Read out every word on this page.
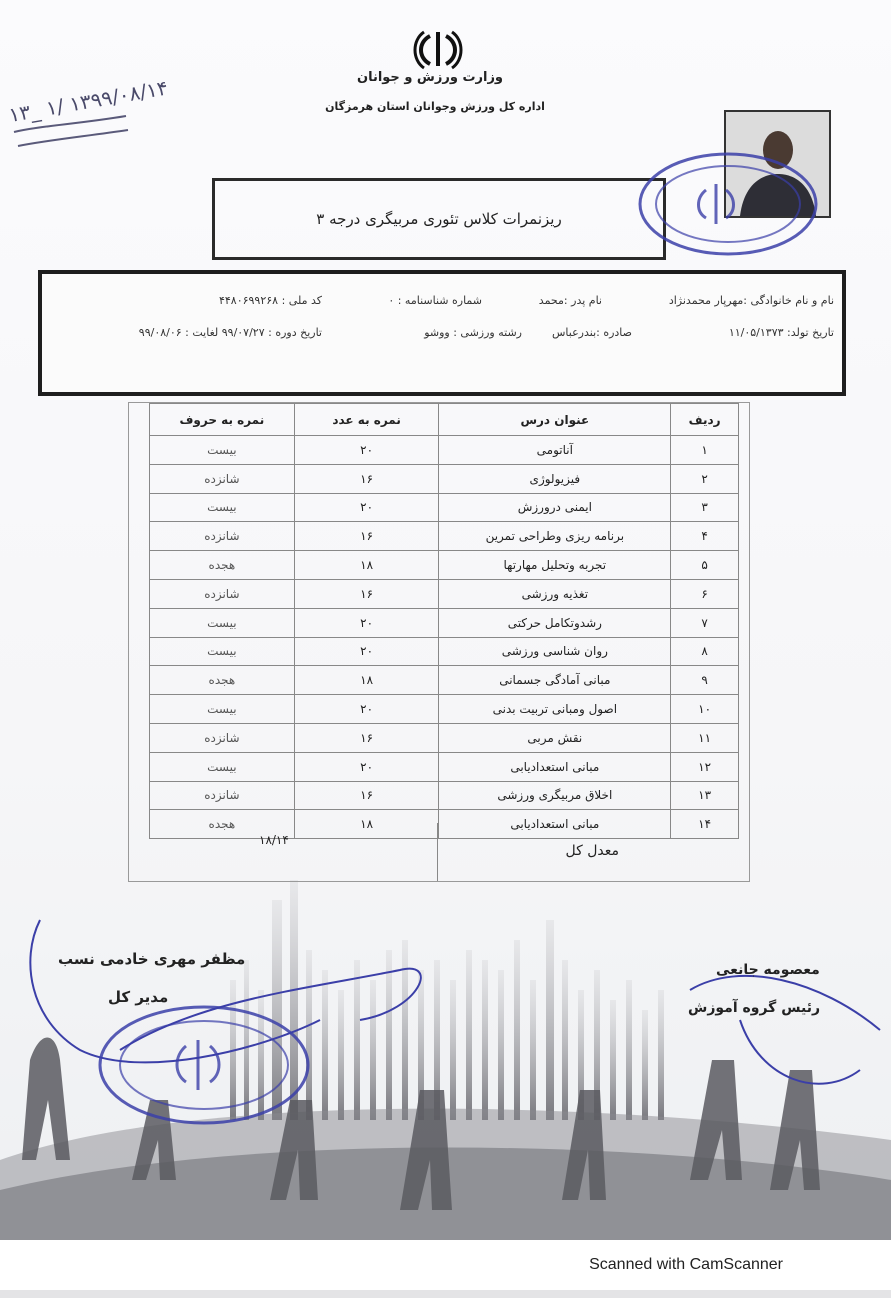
وزارت ورزش و جوانان
اداره کل ورزش وجوانان استان هرمزگان
۱۳_ ۱/ ۱۳۹۹/۰۸/۱۴
ریزنمرات کلاس تئوری مربیگری درجه ۳
نام و نام خانوادگی :مهرپار محمدنژاد
نام پدر :محمد
شماره شناسنامه : ۰
کد ملی : ۴۴۸۰۶۹۹۲۶۸
تاریخ تولد: ۱۱/۰۵/۱۳۷۳
صادره :بندرعباس
رشته ورزشی : ووشو
تاریخ دوره : ۹۹/۰۷/۲۷ لغایت : ۹۹/۰۸/۰۶
ردیف	عنوان درس	نمره به عدد	نمره به حروف
۱	آناتومی	۲۰	بیست
۲	فیزیولوژی	۱۶	شانزده
۳	ایمنی درورزش	۲۰	بیست
۴	برنامه ریزی وطراحی تمرین	۱۶	شانزده
۵	تجربه وتحلیل مهارتها	۱۸	هجده
۶	تغذیه ورزشی	۱۶	شانزده
۷	رشدوتکامل حرکتی	۲۰	بیست
۸	روان شناسی ورزشی	۲۰	بیست
۹	مبانی آمادگی جسمانی	۱۸	هجده
۱۰	اصول ومبانی تربیت بدنی	۲۰	بیست
۱۱	نقش مربی	۱۶	شانزده
۱۲	مبانی استعدادیابی	۲۰	بیست
۱۳	اخلاق مربیگری ورزشی	۱۶	شانزده
۱۴	مبانی استعدادیابی	۱۸	هجده
معدل کل
۱۸/۱۴
مظفر مهری خادمی نسب
مدیر کل
معصومه جانعی
رئیس گروه آموزش
Scanned with CamScanner
